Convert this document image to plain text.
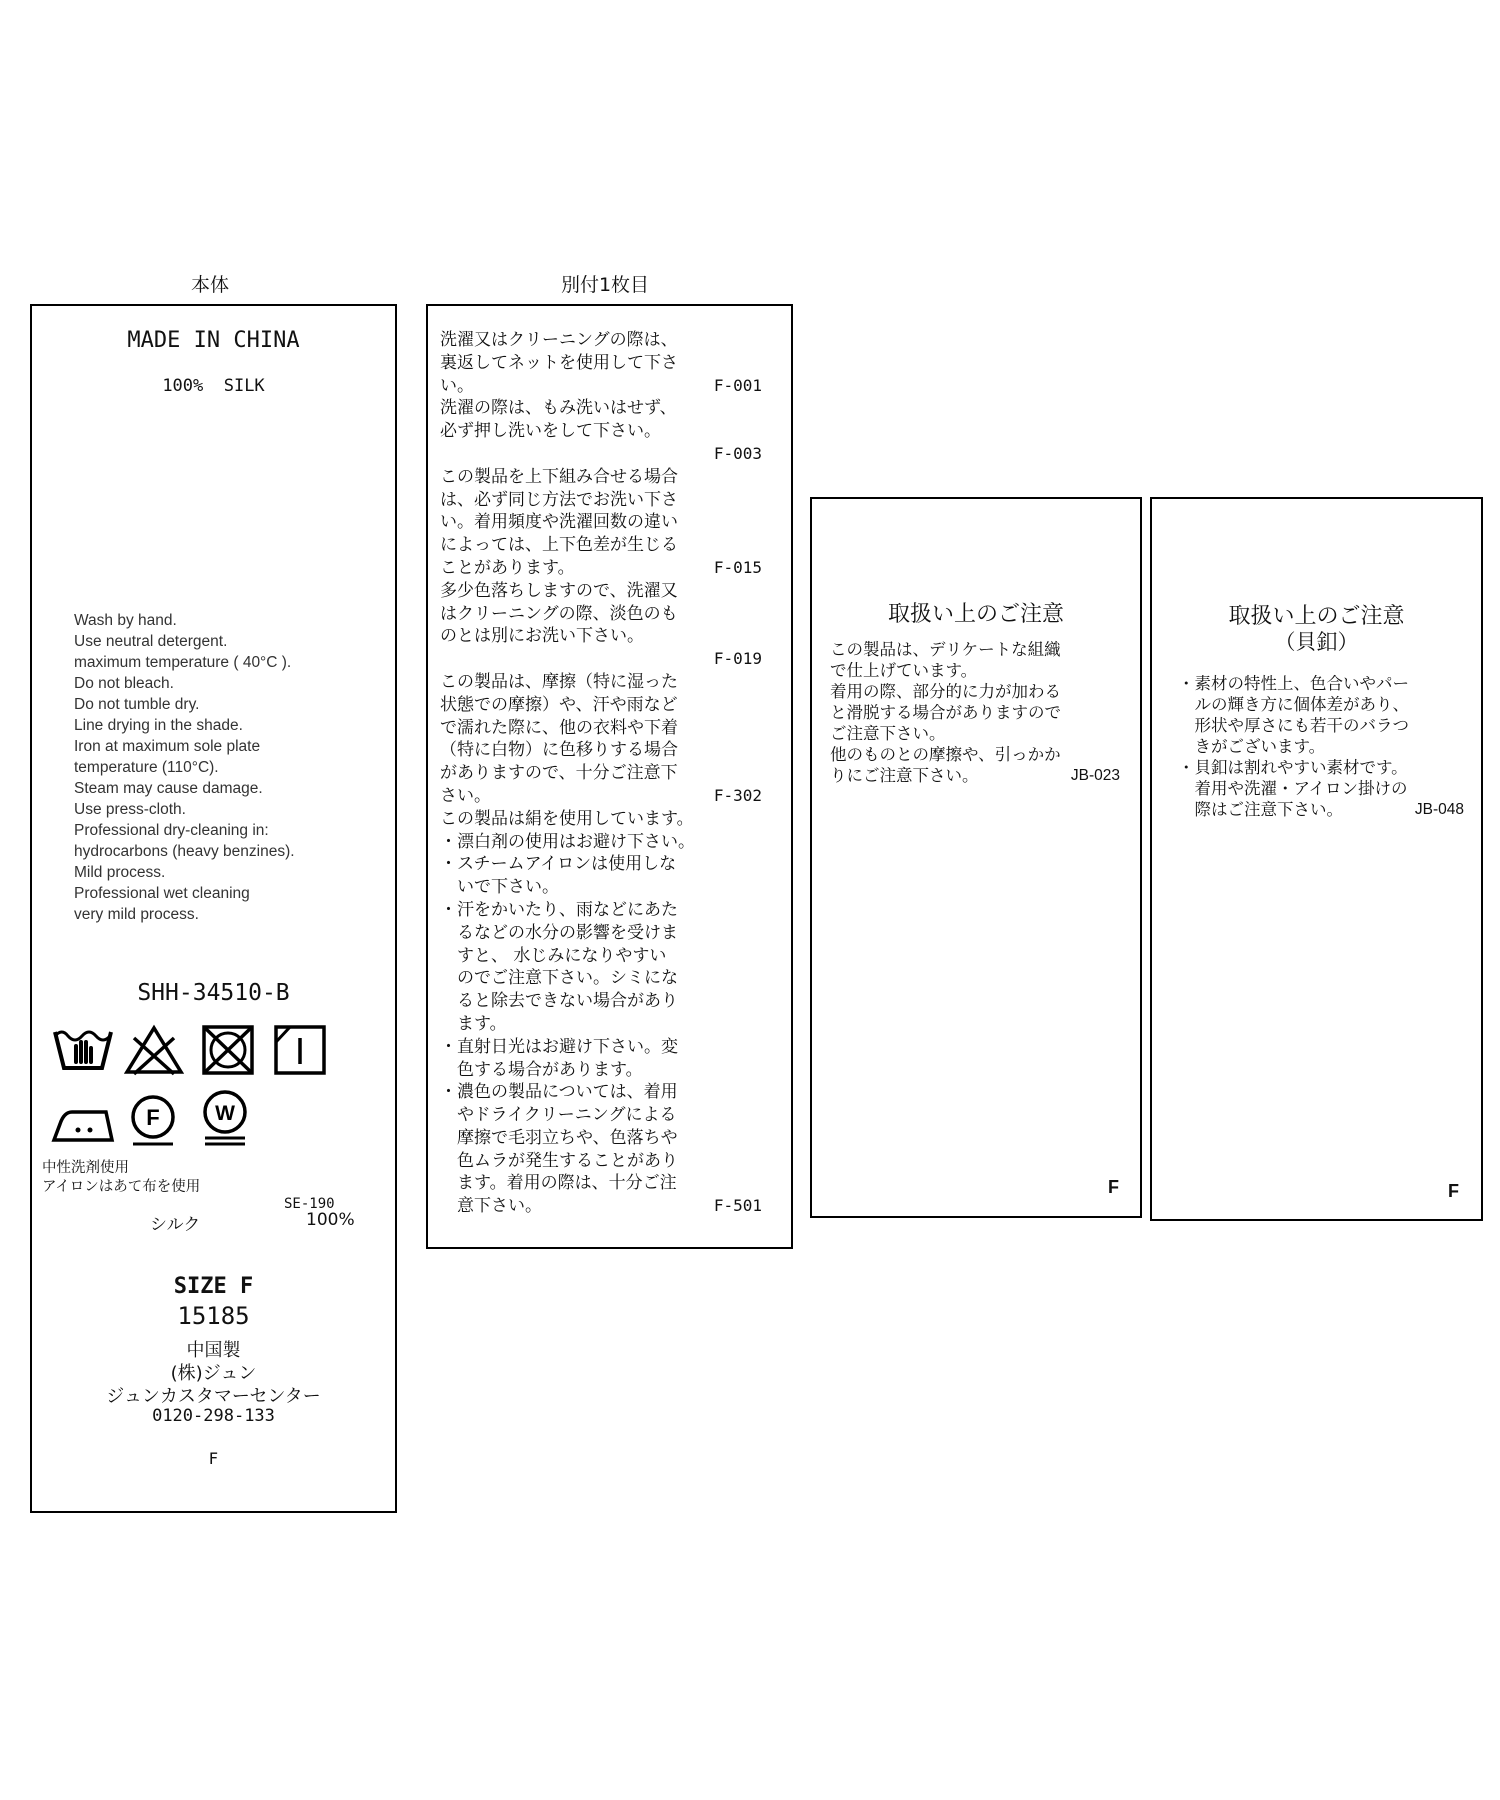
本体	別付1枚目
MADE IN CHINA
100%  SILK

Wash by hand.

Use neutral detergent.

maximum temperature ( 40°C ).

Do not bleach.

Do not tumble dry.

Line drying in the shade.

Iron at maximum sole plate

temperature (110°C).

Steam may cause damage.

Use press-cloth.

Professional dry-cleaning in:

hydrocarbons (heavy benzines).

Mild process.

Professional wet cleaning

very mild process.

SHH-34510-B
F	W
中性洗剤使用
アイロンはあて布を使用
SE-190
シルク	100%
SIZE F
15185
中国製
(株)ジュン
ジュンカスタマーセンター
0120-298-133
F
洗濯又はクリーニングの際は、
裏返してネットを使用して下さ
い。	F-001
洗濯の際は、もみ洗いはせず、
必ず押し洗いをして下さい。
F-003
この製品を上下組み合せる場合
は、必ず同じ方法でお洗い下さ
い。着用頻度や洗濯回数の違い
によっては、上下色差が生じる
ことがあります。	F-015
多少色落ちしますので、洗濯又
はクリーニングの際、淡色のも
のとは別にお洗い下さい。
F-019
この製品は、摩擦（特に湿った
状態での摩擦）や、汗や雨など
で濡れた際に、他の衣料や下着
（特に白物）に色移りする場合
がありますので、十分ご注意下
さい。	F-302
この製品は絹を使用しています。
・漂白剤の使用はお避け下さい。
・スチームアイロンは使用しな
　いで下さい。
・汗をかいたり、雨などにあた
　るなどの水分の影響を受けま
　すと、 水じみになりやすい
　のでご注意下さい。シミにな
　ると除去できない場合があり
　ます。
・直射日光はお避け下さい。変
　色する場合があります。
・濃色の製品については、着用
　やドライクリーニングによる
　摩擦で毛羽立ちや、色落ちや
　色ムラが発生することがあり
　ます。着用の際は、十分ご注
　意下さい。	F-501
取扱い上のご注意
この製品は、デリケートな組織
で仕上げています。
着用の際、部分的に力が加わる
と滑脱する場合がありますので
ご注意下さい。
他のものとの摩擦や、引っかか
りにご注意下さい。	JB-023
F
取扱い上のご注意
（貝釦）
・素材の特性上、色合いやパー
　ルの輝き方に個体差があり、
　形状や厚さにも若干のバラつ
　きがございます。
・貝釦は割れやすい素材です。
　着用や洗濯・アイロン掛けの
　際はご注意下さい。	JB-048
F
